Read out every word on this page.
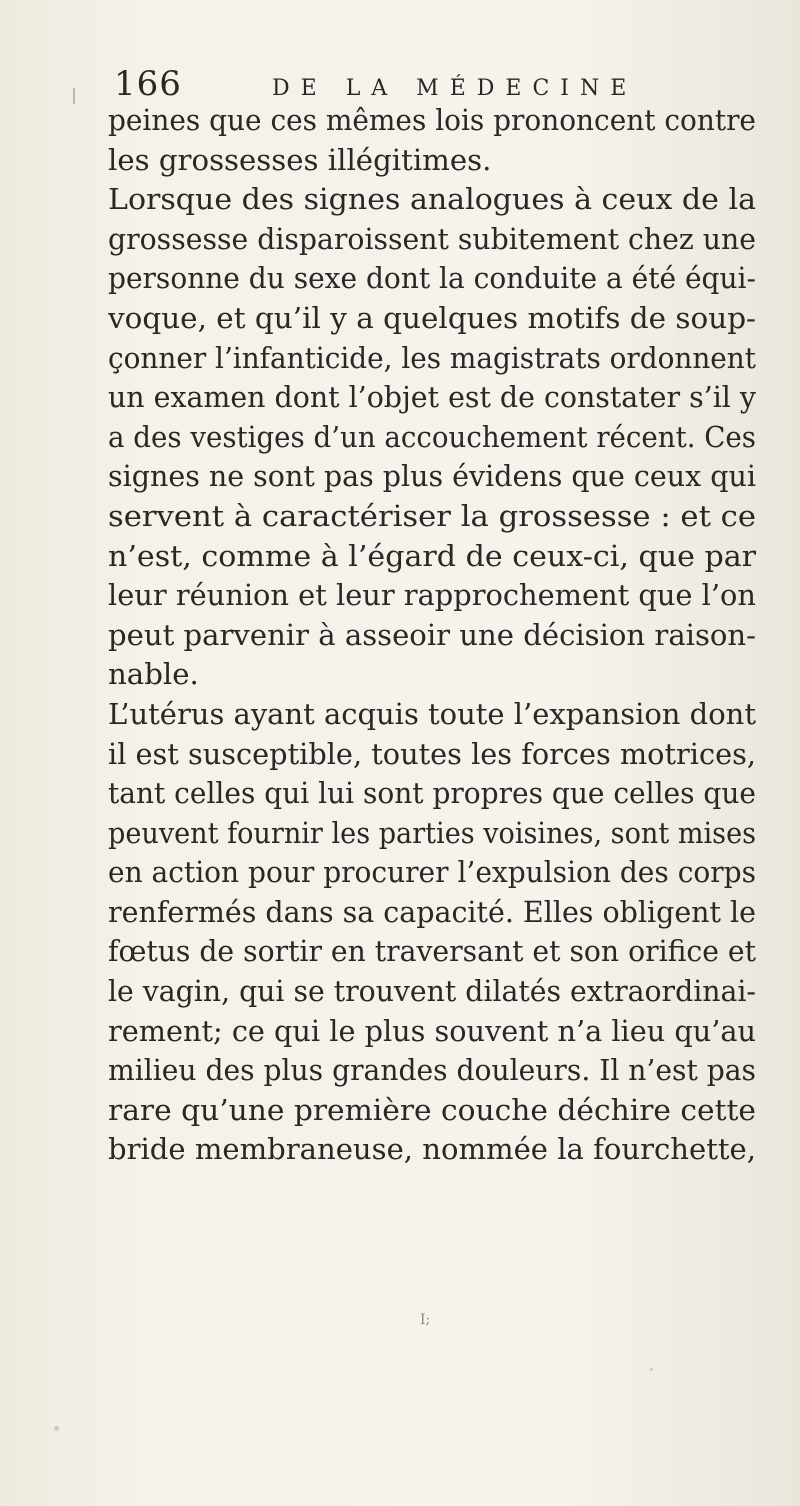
166	DE LA MÉDECINE
peines que ces mêmes lois prononcent contre
les grossesses illégitimes.
Lorsque des signes analogues à ceux de la
grossesse disparoissent subitement chez une
personne du sexe dont la conduite a été équi-
voque, et qu’il y a quelques motifs de soup-
çonner l’infanticide, les magistrats ordonnent
un examen dont l’objet est de constater s’il y
a des vestiges d’un accouchement récent. Ces
signes ne sont pas plus évidens que ceux qui
servent à caractériser la grossesse : et ce
n’est, comme à l’égard de ceux-ci, que par
leur réunion et leur rapprochement que l’on
peut parvenir à asseoir une décision raison-
nable.
L’utérus ayant acquis toute l’expansion dont
il est susceptible, toutes les forces motrices,
tant celles qui lui sont propres que celles que
peuvent fournir les parties voisines, sont mises
en action pour procurer l’expulsion des corps
renfermés dans sa capacité. Elles obligent le
fœtus de sortir en traversant et son orifice et
le vagin, qui se trouvent dilatés extraordinai-
rement; ce qui le plus souvent n’a lieu qu’au
milieu des plus grandes douleurs. Il n’est pas
rare qu’une première couche déchire cette
bride membraneuse, nommée la fourchette,
I;
